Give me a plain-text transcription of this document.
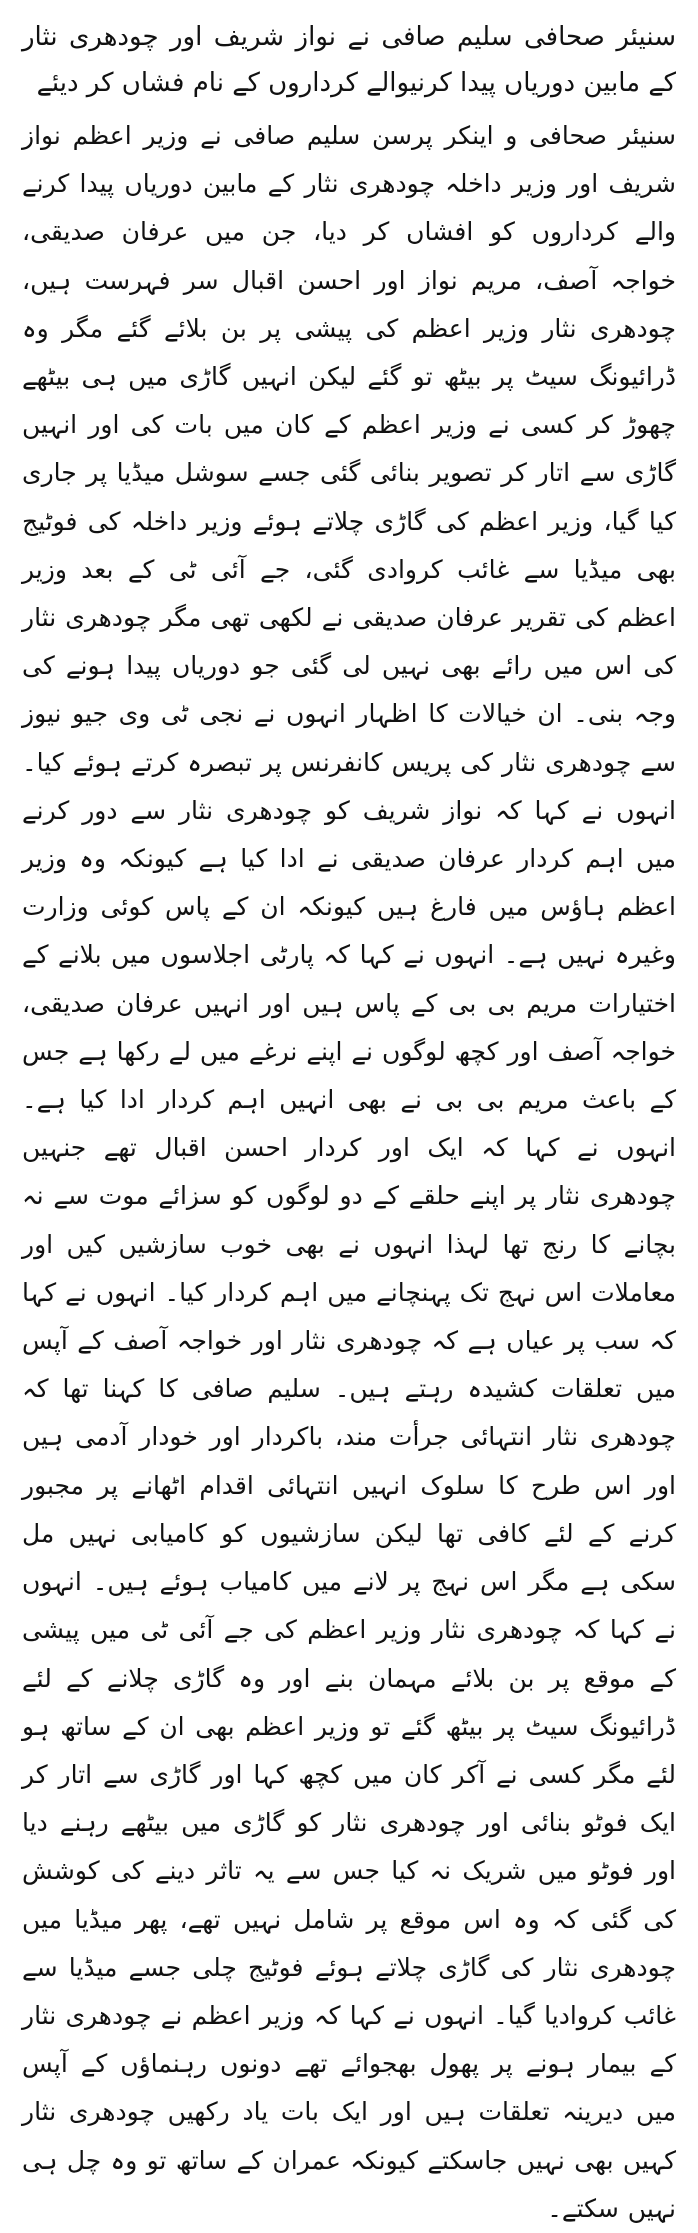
سنیئر صحافی سلیم صافی نے نواز شریف اور چودھری نثار کے مابین دوریاں پیدا کرنیوالے کرداروں کے نام فشاں کر دیئے

سنیئر صحافی و اینکر پرسن سلیم صافی نے وزیر اعظم نواز شریف اور وزیر داخلہ چودھری نثار کے مابین دوریاں پیدا کرنے والے کرداروں کو افشاں کر دیا، جن میں عرفان صدیقی، خواجہ آصف، مریم نواز اور احسن اقبال سر فہرست ہیں، چودھری نثار وزیر اعظم کی پیشی پر بن بلائے گئے مگر وہ ڈرائیونگ سیٹ پر بیٹھ تو گئے لیکن انہیں گاڑی میں ہی بیٹھے چھوڑ کر کسی نے وزیر اعظم کے کان میں بات کی اور انہیں گاڑی سے اتار کر تصویر بنائی گئی جسے سوشل میڈیا پر جاری کیا گیا، وزیر اعظم کی گاڑی چلاتے ہوئے وزیر داخلہ کی فوٹیج بھی میڈیا سے غائب کروادی گئی، جے آئی ٹی کے بعد وزیر اعظم کی تقریر عرفان صدیقی نے لکھی تھی مگر چودھری نثار کی اس میں رائے بھی نہیں لی گئی جو دوریاں پیدا ہونے کی وجہ بنی۔ ان خیالات کا اظہار انہوں نے نجی ٹی وی جیو نیوز سے چودھری نثار کی پریس کانفرنس پر تبصرہ کرتے ہوئے کیا۔ انہوں نے کہا کہ نواز شریف کو چودھری نثار سے دور کرنے میں اہم کردار عرفان صدیقی نے ادا کیا ہے کیونکہ وہ وزیر اعظم ہاؤس میں فارغ ہیں کیونکہ ان کے پاس کوئی وزارت وغیرہ نہیں ہے۔ انہوں نے کہا کہ پارٹی اجلاسوں میں بلانے کے اختیارات مریم بی بی کے پاس ہیں اور انہیں عرفان صدیقی، خواجہ آصف اور کچھ لوگوں نے اپنے نرغے میں لے رکھا ہے جس کے باعث مریم بی بی نے بھی انہیں اہم کردار ادا کیا ہے۔ انہوں نے کہا کہ ایک اور کردار احسن اقبال تھے جنہیں چودھری نثار پر اپنے حلقے کے دو لوگوں کو سزائے موت سے نہ بچانے کا رنج تھا لہذا انہوں نے بھی خوب سازشیں کیں اور معاملات اس نہج تک پہنچانے میں اہم کردار کیا۔ انہوں نے کہا کہ سب پر عیاں ہے کہ چودھری نثار اور خواجہ آصف کے آپس میں تعلقات کشیدہ رہتے ہیں۔ سلیم صافی کا کہنا تھا کہ چودھری نثار انتہائی جرأت مند، باکردار اور خودار آدمی ہیں اور اس طرح کا سلوک انہیں انتہائی اقدام اٹھانے پر مجبور کرنے کے لئے کافی تھا لیکن سازشیوں کو کامیابی نہیں مل سکی ہے مگر اس نہج پر لانے میں کامیاب ہوئے ہیں۔ انہوں نے کہا کہ چودھری نثار وزیر اعظم کی جے آئی ٹی میں پیشی کے موقع پر بن بلائے مہمان بنے اور وہ گاڑی چلانے کے لئے ڈرائیونگ سیٹ پر بیٹھ گئے تو وزیر اعظم بھی ان کے ساتھ ہو لئے مگر کسی نے آکر کان میں کچھ کہا اور گاڑی سے اتار کر ایک فوٹو بنائی اور چودھری نثار کو گاڑی میں بیٹھے رہنے دیا اور فوٹو میں شریک نہ کیا جس سے یہ تاثر دینے کی کوشش کی گئی کہ وہ اس موقع پر شامل نہیں تھے، پھر میڈیا میں چودھری نثار کی گاڑی چلاتے ہوئے فوٹیج چلی جسے میڈیا سے غائب کروادیا گیا۔ انہوں نے کہا کہ وزیر اعظم نے چودھری نثار کے بیمار ہونے پر پھول بھجوائے تھے دونوں رہنماؤں کے آپس میں دیرینہ تعلقات ہیں اور ایک بات یاد رکھیں چودھری نثار کہیں بھی نہیں جاسکتے کیونکہ عمران کے ساتھ تو وہ چل ہی نہیں سکتے۔
